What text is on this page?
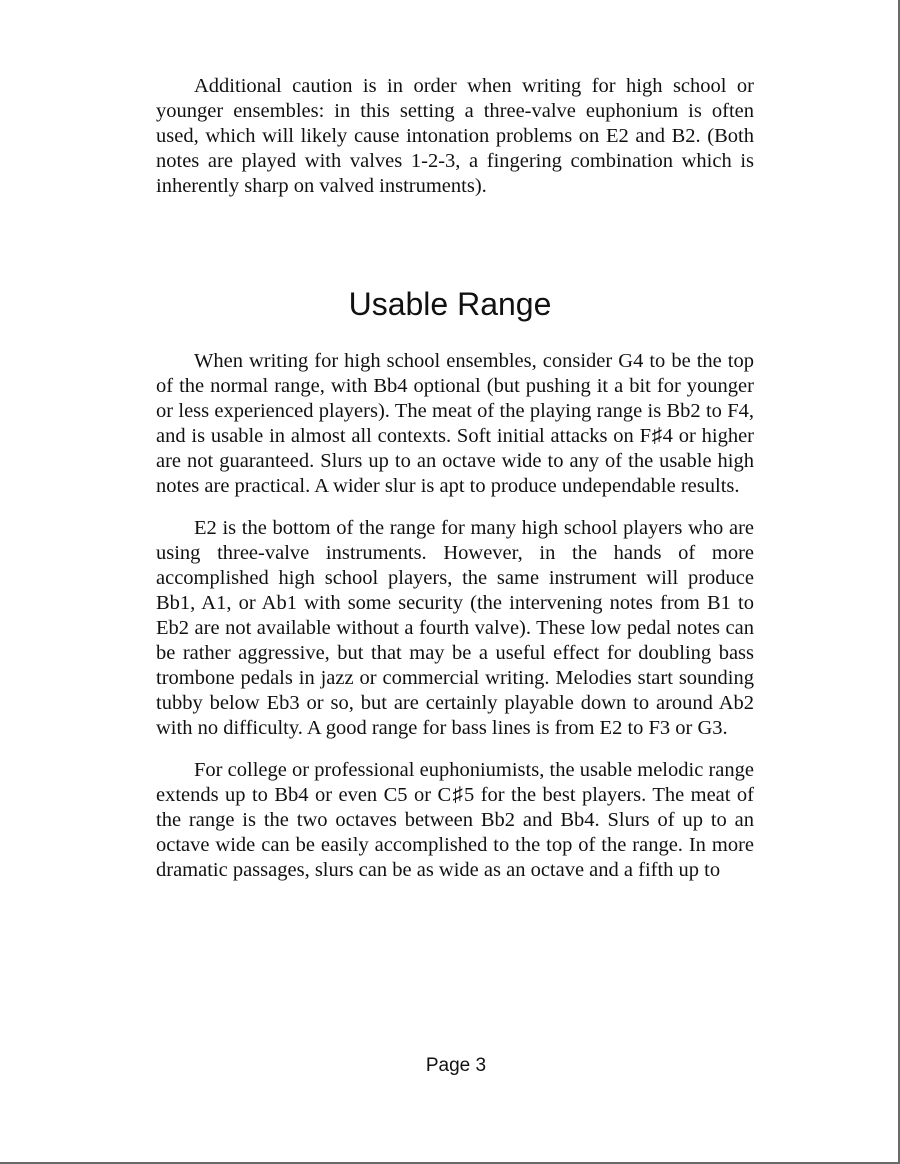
Additional caution is in order when writing for high school or younger ensembles: in this setting a three-valve euphonium is often used, which will likely cause intonation problems on E2 and B2. (Both notes are played with valves 1-2-3, a fingering combination which is inherently sharp on valved instruments).

Usable Range

When writing for high school ensembles, consider G4 to be the top of the normal range, with Bb4 optional (but pushing it a bit for younger or less experienced players). The meat of the playing range is Bb2 to F4, and is usable in almost all contexts. Soft initial attacks on F♯4 or higher are not guaranteed. Slurs up to an octave wide to any of the usable high notes are practical. A wider slur is apt to produce undependable results.

E2 is the bottom of the range for many high school players who are using three-valve instruments. However, in the hands of more accomplished high school players, the same instrument will produce Bb1, A1, or Ab1 with some security (the intervening notes from B1 to Eb2 are not available without a fourth valve). These low pedal notes can be rather aggressive, but that may be a useful effect for doubling bass trombone pedals in jazz or commercial writing. Melodies start sounding tubby below Eb3 or so, but are certainly playable down to around Ab2 with no difficulty. A good range for bass lines is from E2 to F3 or G3.

For college or professional euphoniumists, the usable melodic range extends up to Bb4 or even C5 or C♯5 for the best players. The meat of the range is the two octaves between Bb2 and Bb4. Slurs of up to an octave wide can be easily accomplished to the top of the range. In more dramatic passages, slurs can be as wide as an octave and a fifth up to

Page 3
